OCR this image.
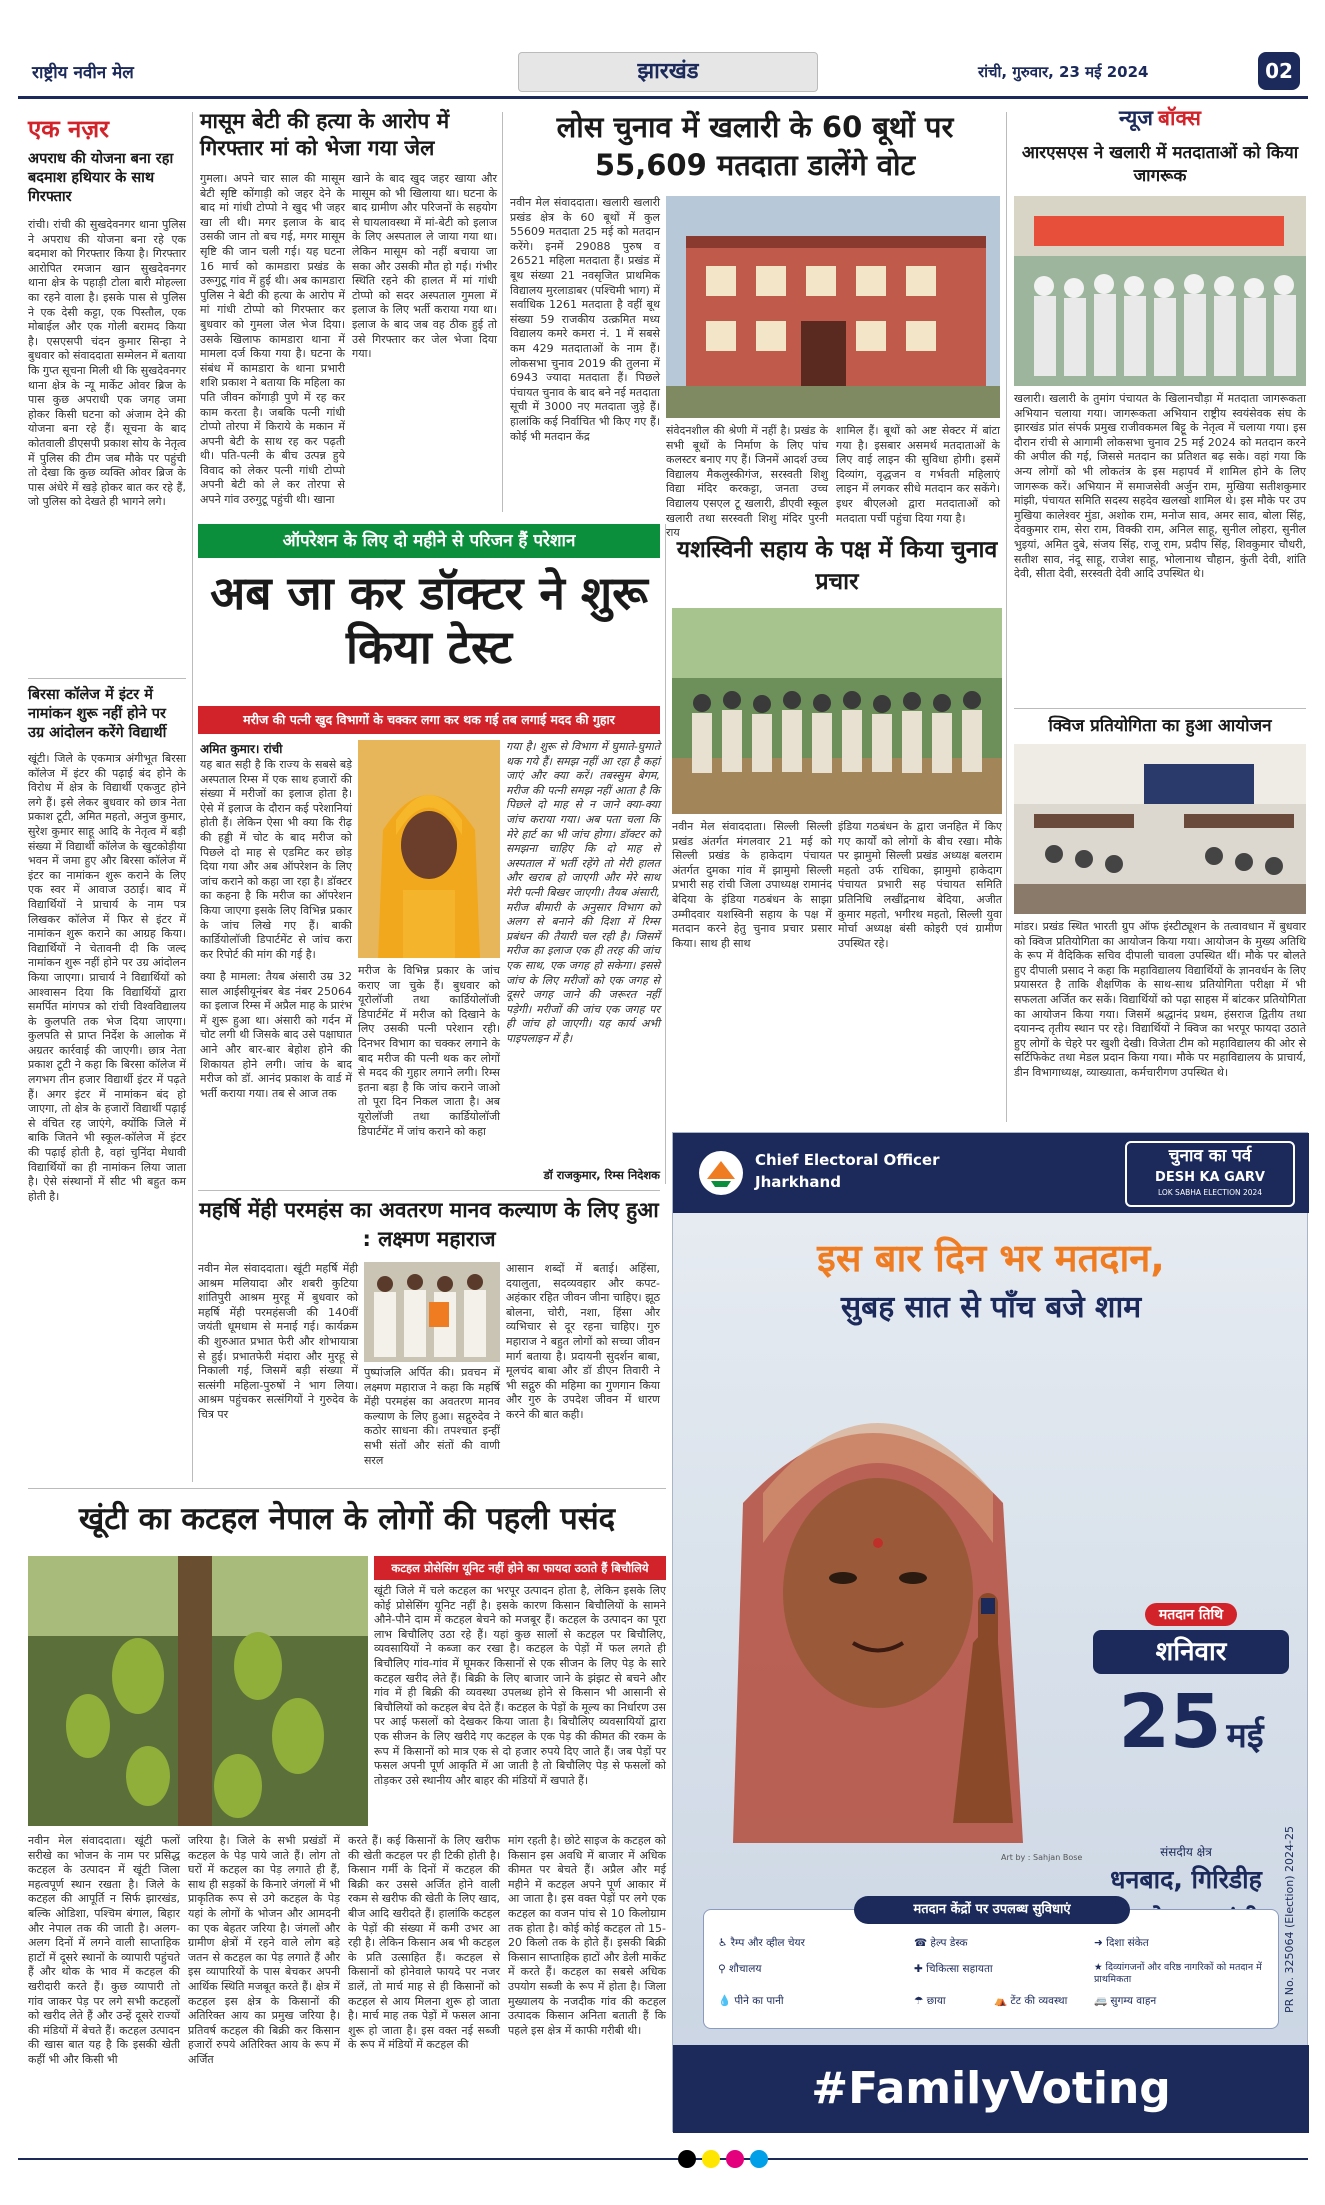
राष्ट्रीय नवीन मेल	झारखंड	रांची, गुरुवार, 23 मई 2024	02
एक नज़र
अपराध की योजना बना रहा बदमाश हथियार के साथ गिरफ्तार
रांची। रांची की सुखदेवनगर थाना पुलिस ने अपराध की योजना बना रहे एक बदमाश को गिरफ्तार किया है। गिरफ्तार आरोपित रमजान खान सुखदेवनगर थाना क्षेत्र के पहाड़ी टोला बारी मोहल्ला का रहने वाला है। इसके पास से पुलिस ने एक देसी कट्टा, एक पिस्तौल, एक मोबाईल और एक गोली बरामद किया है। एसएसपी चंदन कुमार सिन्हा ने बुधवार को संवाददाता सम्मेलन में बताया कि गुप्त सूचना मिली थी कि सुखदेवनगर थाना क्षेत्र के न्यू मार्केट ओवर ब्रिज के पास कुछ अपराधी एक जगह जमा होकर किसी घटना को अंजाम देने की योजना बना रहे हैं। सूचना के बाद कोतवाली डीएसपी प्रकाश सोय के नेतृत्व में पुलिस की टीम जब मौके पर पहुंची तो देखा कि कुछ व्यक्ति ओवर ब्रिज के पास अंधेरे में खड़े होकर बात कर रहे हैं, जो पुलिस को देखते ही भागने लगे।
बिरसा कॉलेज में इंटर में नामांकन शुरू नहीं होने पर उग्र आंदोलन करेंगे विद्यार्थी
खूंटी। जिले के एकमात्र अंगीभूत बिरसा कॉलेज में इंटर की पढ़ाई बंद होने के विरोध में क्षेत्र के विद्यार्थी एकजुट होने लगे हैं। इसे लेकर बुधवार को छात्र नेता प्रकाश टूटी, अमित महतो, अनुज कुमार, सुरेश कुमार साहू आदि के नेतृत्व में बड़ी संख्या में विद्यार्थी कॉलेज के खुटकोड़ीया भवन में जमा हुए और बिरसा कॉलेज में इंटर का नामांकन शुरू कराने के लिए एक स्वर में आवाज उठाई। बाद में विद्यार्थियों ने प्राचार्य के नाम पत्र लिखकर कॉलेज में फिर से इंटर में नामांकन शुरू कराने का आग्रह किया। विद्यार्थियों ने चेतावनी दी कि जल्द नामांकन शुरू नहीं होने पर उग्र आंदोलन किया जाएगा। प्राचार्य ने विद्यार्थियों को आश्वासन दिया कि विद्यार्थियों द्वारा समर्पित मांगपत्र को रांची विश्वविद्यालय के कुलपति तक भेज दिया जाएगा। कुलपति से प्राप्त निर्देश के आलोक में अग्रतर कार्रवाई की जाएगी। छात्र नेता प्रकाश टूटी ने कहा कि बिरसा कॉलेज में लगभग तीन हजार विद्यार्थी इंटर में पढ़ते हैं। अगर इंटर में नामांकन बंद हो जाएगा, तो क्षेत्र के हजारों विद्यार्थी पढ़ाई से वंचित रह जाएंगे, क्योंकि जिले में बाकि जितने भी स्कूल-कॉलेज में इंटर की पढ़ाई होती है, वहां चुनिंदा मेधावी विद्यार्थियों का ही नामांकन लिया जाता है। ऐसे संस्थानों में सीट भी बहुत कम होती है।
मासूम बेटी की हत्या के आरोप में गिरफ्तार मां को भेजा गया जेल
गुमला। अपने चार साल की मासूम बेटी सृष्टि कोंगाड़ी को जहर देने के बाद मां गांधी टोप्पो ने खुद भी जहर खा ली थी। मगर इलाज के बाद उसकी जान तो बच गई, मगर मासूम सृष्टि की जान चली गई। यह घटना 16 मार्च को कामडारा प्रखंड के उरूगुटू गांव में हुई थी। अब कामडारा पुलिस ने बेटी की हत्या के आरोप में मां गांधी टोप्पो को गिरफ्तार कर बुधवार को गुमला जेल भेज दिया। उसके खिलाफ कामडारा थाना में मामला दर्ज किया गया है। घटना के संबंध में कामडारा के थाना प्रभारी शशि प्रकाश ने बताया कि महिला का पति जीवन कोंगाड़ी पुणे में रह कर काम करता है। जबकि पत्नी गांधी टोप्पो तोरपा में किराये के मकान में अपनी बेटी के साथ रह कर पढ़ती थी। पति-पत्नी के बीच उत्पन्न हुये विवाद को लेकर पत्नी गांधी टोप्पो अपनी बेटी को ले कर तोरपा से अपने गांव उरुगुटू पहुंची थी। खाना
खाने के बाद खुद जहर खाया और मासूम को भी खिलाया था। घटना के बाद ग्रामीण और परिजनों के सहयोग से घायलावस्था में मां-बेटी को इलाज के लिए अस्पताल ले जाया गया था। लेकिन मासूम को नहीं बचाया जा सका और उसकी मौत हो गई। गंभीर स्थिति रहने की हालत में मां गांधी टोप्पो को सदर अस्पताल गुमला में इलाज के लिए भर्ती कराया गया था। इलाज के बाद जब वह ठीक हुई तो उसे गिरफ्तार कर जेल भेजा दिया गया।
लोस चुनाव में खलारी के 60 बूथों पर 55,609 मतदाता डालेंगे वोट
नवीन मेल संवाददाता। खलारी खलारी प्रखंड क्षेत्र के 60 बूथों में कुल 55609 मतदाता 25 मई को मतदान करेंगे। इनमें 29088 पुरुष व 26521 महिला मतदाता हैं। प्रखंड में बूथ संख्या 21 नवसृजित प्राथमिक विद्यालय मुरलाडाबर (पश्चिमी भाग) में सर्वाधिक 1261 मतदाता है वहीं बूथ संख्या 59 राजकीय उत्क्रमित मध्य विद्यालय कमरे कमरा नं. 1 में सबसे कम 429 मतदाताओं के नाम हैं। लोकसभा चुनाव 2019 की तुलना में 6943 ज्यादा मतदाता हैं। पिछले पंचायत चुनाव के बाद बने नई मतदाता सूची में 3000 नए मतदाता जुड़े हैं। हालांकि कई निर्वाचित भी किए गए हैं। कोई भी मतदान केंद्र	संवेदनशील की श्रेणी में नहीं है। प्रखंड के सभी बूथों के निर्माण के लिए पांच कलस्टर बनाए गए हैं। जिनमें आदर्श उच्च विद्यालय मैकलुस्कीगंज, सरस्वती शिशु विद्या मंदिर करकट्टा, जनता उच्च विद्यालय एसएल टू खलारी, डीएवी स्कूल खलारी तथा सरस्वती शिशु मंदिर पुरनी राय
शामिल हैं। बूथों को अष्ट सेक्टर में बांटा गया है। इसबार असमर्थ मतदाताओं के लिए वाई लाइन की सुविधा होगी। इसमें दिव्यांग, वृद्धजन व गर्भवती महिलाएं लाइन में लगकर सीधे मतदान कर सकेंगे। इधर बीएलओ द्वारा मतदाताओं को मतदाता पर्ची पहुंचा दिया गया है।
न्यूज बॉक्स
आरएसएस ने खलारी में मतदाताओं को किया जागरूक
खलारी। खलारी के तुमांग पंचायत के खिलानचौड़ा में मतदाता जागरूकता अभियान चलाया गया। जागरूकता अभियान राष्ट्रीय स्वयंसेवक संघ के झारखंड प्रांत संपर्क प्रमुख राजीवकमल बिट्टू के नेतृत्व में चलाया गया। इस दौरान रांची से आगामी लोकसभा चुनाव 25 मई 2024 को मतदान करने की अपील की गई, जिससे मतदान का प्रतिशत बढ़ सके। वहां गया कि अन्य लोगों को भी लोकतंत्र के इस महापर्व में शामिल होने के लिए जागरूक करें। अभियान में समाजसेवी अर्जुन राम, मुखिया सतीशकुमार मांझी, पंचायत समिति सदस्य सहदेव खलखो शामिल थे। इस मौके पर उप मुखिया कालेश्वर मुंडा, अशोक राम, मनोज साव, अमर साव, बोला सिंह, देवकुमार राम, सेरा राम, विक्की राम, अनिल साहू, सुनील लोहरा, सुनील भुइयां, अमित दुबे, संजय सिंह, राजू राम, प्रदीप सिंह, शिवकुमार चौधरी, सतीश साव, नंदू साहू, राजेश साहू, भोलानाथ चौहान, कुंती देवी, शांति देवी, सीता देवी, सरस्वती देवी आदि उपस्थित थे।
क्विज प्रतियोगिता का हुआ आयोजन
मांडर। प्रखंड स्थित भारती ग्रुप ऑफ इंस्टीट्यूशन के तत्वावधान में बुधवार को क्विज प्रतियोगिता का आयोजन किया गया। आयोजन के मुख्य अतिथि के रूप में वैदिकिक सचिव दीपाली चावला उपस्थित थीं। मौके पर बोलते हुए दीपाली प्रसाद ने कहा कि महाविद्यालय विद्यार्थियों के ज्ञानवर्धन के लिए प्रयासरत है ताकि शैक्षणिक के साथ-साथ प्रतियोगिता परीक्षा में भी सफलता अर्जित कर सकें। विद्यार्थियों को पढ़ा साहस में बांटकर प्रतियोगिता का आयोजन किया गया। जिसमें श्रद्धानंद प्रथम, हंसराज द्वितीय तथा दयानन्द तृतीय स्थान पर रहे। विद्यार्थियों ने क्विज का भरपूर फायदा उठाते हुए लोगों के चेहरे पर खुशी देखी। विजेता टीम को महाविद्यालय की ओर से सर्टिफिकेट तथा मेडल प्रदान किया गया। मौके पर महाविद्यालय के प्राचार्य, डीन विभागाध्यक्ष, व्याख्याता, कर्मचारीगण उपस्थित थे।
ऑपरेशन के लिए दो महीने से परिजन हैं परेशान
अब जा कर डॉक्टर ने शुरू किया टेस्ट
मरीज की पत्नी खुद विभागों के चक्कर लगा कर थक गई तब लगाई मदद की गुहार
अमित कुमार। रांची
यह बात सही है कि राज्य के सबसे बड़े अस्पताल रिम्स में एक साथ हजारों की संख्या में मरीजों का इलाज होता है। ऐसे में इलाज के दौरान कई परेशानियां होती हैं। लेकिन ऐसा भी क्या कि रीढ़ की हड्डी में चोट के बाद मरीज को पिछले दो माह से एडमिट कर छोड़ दिया गया और अब ऑपरेशन के लिए जांच कराने को कहा जा रहा है। डॉक्टर का कहना है कि मरीज का ऑपरेशन किया जाएगा इसके लिए विभिन्न प्रकार के जांच लिखे गए हैं। बाकी कार्डियोलॉजी डिपार्टमेंट से जांच करा कर रिपोर्ट की मांग की गई है।
क्या है मामला: तैयब अंसारी उम्र 32 साल आईसीयूनंबर बेड नंबर 25064 का इलाज रिम्स में अप्रैल माह के प्रारंभ में शुरू हुआ था। अंसारी को गर्दन में चोट लगी थी जिसके बाद उसे पक्षाघात आने और बार-बार बेहोश होने की शिकायत होने लगी। जांच के बाद मरीज को डॉ. आनंद प्रकाश के वार्ड में भर्ती कराया गया। तब से आज तक
मरीज के विभिन्न प्रकार के जांच कराए जा चुके हैं। बुधवार को यूरोलॉजी तथा कार्डियोलॉजी डिपार्टमेंट में मरीज को दिखाने के लिए उसकी पत्नी परेशान रही। दिनभर विभाग का चक्कर लगाने के बाद मरीज की पत्नी थक कर लोगों से मदद की गुहार लगाने लगी। रिम्स इतना बड़ा है कि जांच कराने जाओ तो पूरा दिन निकल जाता है। अब यूरोलॉजी तथा कार्डियोलॉजी डिपार्टमेंट में जांच कराने को कहा
गया है। शुरू से विभाग में घुमाते-घुमाते थक गये हैं। समझ नहीं आ रहा है कहां जाएं और क्या करें। तबस्सुम बेगम, मरीज की पत्नी समझ नहीं आता है कि पिछले दो माह से न जाने क्या-क्या जांच कराया गया। अब पता चला कि मेरे हार्ट का भी जांच होगा। डॉक्टर को समझना चाहिए कि दो माह से अस्पताल में भर्ती रहेंगे तो मेरी हालत और खराब हो जाएगी और मेरे साथ मेरी पत्नी बिखर जाएगी। तैयब अंसारी, मरीज बीमारी के अनुसार विभाग को अलग से बनाने की दिशा में रिम्स प्रबंधन की तैयारी चल रही है। जिसमें मरीज का इलाज एक ही तरह की जांच एक साथ, एक जगह हो सकेगा। इससे जांच के लिए मरीजों को एक जगह से दूसरे जगह जाने की जरूरत नहीं पड़ेगी। मरीजों की जांच एक जगह पर ही जांच हो जाएगी। यह कार्य अभी पाइपलाइन में है।
डॉ राजकुमार, रिम्स निदेशक
यशस्विनी सहाय के पक्ष में किया चुनाव प्रचार
नवीन मेल संवाददाता। सिल्ली सिल्ली प्रखंड अंतर्गत मंगलवार 21 मई को सिल्ली प्रखंड के हाकेदाग पंचायत अंतर्गत दुमका गांव में झामुमो सिल्ली प्रभारी सह रांची जिला उपाध्यक्ष रामानंद बेदिया के इंडिया गठबंधन के साझा उम्मीदवार यशस्विनी सहाय के पक्ष में मतदान करने हेतु चुनाव प्रचार प्रसार किया। साथ ही साथ
इंडिया गठबंधन के द्वारा जनहित में किए गए कार्यों को लोगों के बीच रखा। मौके पर झामुमो सिल्ली प्रखंड अध्यक्ष बलराम महतो उर्फ राधिका, झामुमो हाकेदाग पंचायत प्रभारी सह पंचायत समिति प्रतिनिधि लखींद्रनाथ बेदिया, अजीत कुमार महतो, भगीरथ महतो, सिल्ली युवा मोर्चा अध्यक्ष बंसी कोइरी एवं ग्रामीण उपस्थित रहे।
महर्षि मेंही परमहंस का अवतरण मानव कल्याण के लिए हुआ : लक्ष्मण महाराज
नवीन मेल संवाददाता। खूंटी महर्षि मेंही आश्रम मलियादा और शबरी कुटिया शांतिपुरी आश्रम मुरहू में बुधवार को महर्षि मेंही परमहंसजी की 140वीं जयंती धूमधाम से मनाई गई। कार्यक्रम की शुरुआत प्रभात फेरी और शोभायात्रा से हुई। प्रभातफेरी मंदारा और मुरहू से निकाली गई, जिसमें बड़ी संख्या में सत्संगी महिला-पुरुषों ने भाग लिया। आश्रम पहुंचकर सत्संगियों ने गुरुदेव के चित्र पर
पुष्पांजलि अर्पित की। प्रवचन में लक्ष्मण महाराज ने कहा कि महर्षि मेंही परमहंस का अवतरण मानव कल्याण के लिए हुआ। सद्गुरुदेव ने कठोर साधना की। तपश्चात इन्हीं सभी संतों और संतों की वाणी सरल
आसान शब्दों में बताई। अहिंसा, दयालुता, सदव्यवहार और कपट-अहंकार रहित जीवन जीना चाहिए। झूठ बोलना, चोरी, नशा, हिंसा और व्यभिचार से दूर रहना चाहिए। गुरु महाराज ने बहुत लोगों को सच्चा जीवन मार्ग बताया है। प्रदायनी सुदर्शन बाबा, मूलचंद बाबा और डॉ डीएन तिवारी ने भी सद्गुरु की महिमा का गुणगान किया और गुरु के उपदेश जीवन में धारण करने की बात कही।
Chief Electoral Officer
Jharkhand
चुनाव का पर्व
DESH KA GARV
LOK SABHA ELECTION 2024
इस बार दिन भर मतदान,
सुबह सात से पाँच बजे शाम
मतदान तिथि
शनिवार
25 मई
संसदीय क्षेत्र
धनबाद, गिरिडीह
Art by : Sahjan Bose
मतदान केंद्रों पर उपलब्ध सुविधाएं
♿ रैम्प और व्हील चेयर	☎ हेल्प डेस्क	➜ दिशा संकेत
⚲ शौचालय	✚ चिकित्सा सहायता	★ दिव्यांगजनों और वरिष्ठ नागरिकों को मतदान में प्राथमिकता
💧 पीने का पानी	☂ छाया	⛺ टेंट की व्यवस्था	🚐 सुगम्य वाहन
#FamilyVoting
PR No. 325064 (Election) 2024-25
खूंटी का कटहल नेपाल के लोगों की पहली पसंद
कटहल प्रोसेसिंग यूनिट नहीं होने का फायदा उठाते हैं बिचौलिये
खूंटी जिले में चले कटहल का भरपूर उत्पादन होता है, लेकिन इसके लिए कोई प्रोसेसिंग यूनिट नहीं है। इसके कारण किसान बिचौलियों के सामने औने-पौने दाम में कटहल बेचने को मजबूर हैं। कटहल के उत्पादन का पूरा लाभ बिचौलिए उठा रहे हैं। यहां कुछ सालों से कटहल पर बिचौलिए, व्यवसायियों ने कब्जा कर रखा है। कटहल के पेड़ों में फल लगते ही बिचौलिए गांव-गांव में घूमकर किसानों से एक सीजन के लिए पेड़ के सारे कटहल खरीद लेते हैं। बिक्री के लिए बाजार जाने के झंझट से बचने और गांव में ही बिक्री की व्यवस्था उपलब्ध होने से किसान भी आसानी से बिचौलियों को कटहल बेच देते हैं। कटहल के पेड़ों के मूल्य का निर्धारण उस पर आई फसलों को देखकर किया जाता है। बिचौलिए व्यवसायियों द्वारा एक सीजन के लिए खरीदे गए कटहल के एक पेड़ की कीमत की रकम के रूप में किसानों को मात्र एक से दो हजार रुपये दिए जाते हैं। जब पेड़ों पर फसल अपनी पूर्ण आकृति में आ जाती है तो बिचौलिए पेड़ से फसलों को तोड़कर उसे स्थानीय और बाहर की मंडियों में खपाते हैं।
नवीन मेल संवाददाता। खूंटी फलों सरीखे का भोजन के नाम पर प्रसिद्ध कटहल के उत्पादन में खूंटी जिला महत्वपूर्ण स्थान रखता है। जिले के कटहल की आपूर्ति न सिर्फ झारखंड, बल्कि ओडिशा, पश्चिम बंगाल, बिहार और नेपाल तक की जाती है। अलग-अलग दिनों में लगने वाली साप्ताहिक हाटों में दूसरे स्थानों के व्यापारी पहुंचते हैं और थोक के भाव में कटहल की खरीदारी करते हैं। कुछ व्यापारी तो गांव जाकर पेड़ पर लगे सभी कटहलों को खरीद लेते हैं और उन्हें दूसरे राज्यों की मंडियों में बेचते हैं। कटहल उत्पादन की खास बात यह है कि इसकी खेती कहीं भी और किसी भी
जरिया है। जिले के सभी प्रखंडों में कटहल के पेड़ पाये जाते हैं। लोग तो घरों में कटहल का पेड़ लगाते ही हैं, साथ ही सड़कों के किनारे जंगलों में भी प्राकृतिक रूप से उगे कटहल के पेड़ यहां के लोगों के भोजन और आमदनी का एक बेहतर जरिया है। जंगलों और ग्रामीण क्षेत्रों में रहने वाले लोग बड़े जतन से कटहल का पेड़ लगाते हैं और इस व्यापारियों के पास बेचकर अपनी आर्थिक स्थिति मजबूत करते हैं। क्षेत्र में कटहल इस क्षेत्र के किसानों की अतिरिक्त आय का प्रमुख जरिया है। प्रतिवर्ष कटहल की बिक्री कर किसान हजारों रुपये अतिरिक्त आय के रूप में अर्जित
करते हैं। कई किसानों के लिए खरीफ की खेती कटहल पर ही टिकी होती है। किसान गर्मी के दिनों में कटहल की बिक्री कर उससे अर्जित होने वाली रकम से खरीफ की खेती के लिए खाद, बीज आदि खरीदते हैं। हालांकि कटहल के पेड़ों की संख्या में कमी उभर आ रही है। लेकिन किसान अब भी कटहल के प्रति उत्साहित हैं। कटहल से किसानों को होनेवाले फायदे पर नजर डालें, तो मार्च माह से ही किसानों को कटहल से आय मिलना शुरू हो जाता है। मार्च माह तक पेड़ों में फसल आना शुरू हो जाता है। इस वक्त नई सब्जी के रूप में मंडियों में कटहल की
मांग रहती है। छोटे साइज के कटहल को किसान इस अवधि में बाजार में अधिक कीमत पर बेचते हैं। अप्रैल और मई महीने में कटहल अपने पूर्ण आकार में आ जाता है। इस वक्त पेड़ों पर लगे एक कटहल का वजन पांच से 10 किलोग्राम तक होता है। कोई कोई कटहल तो 15-20 किलो तक के होते हैं। इसकी बिक्री किसान साप्ताहिक हाटों और डेली मार्केट में करते हैं। कटहल का सबसे अधिक उपयोग सब्जी के रूप में होता है। जिला मुख्यालय के नजदीक गांव की कटहल उत्पादक किसान अनिता बताती हैं कि पहले इस क्षेत्र में काफी गरीबी थी।
